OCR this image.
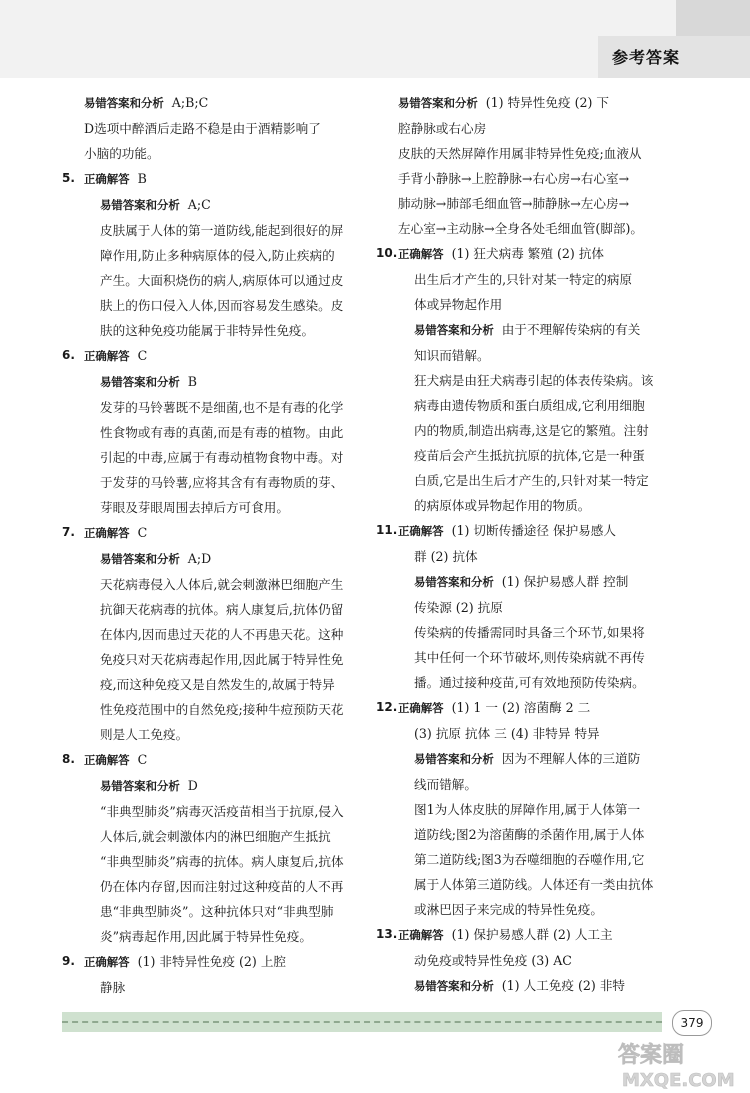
参考答案
易错答案和分析 A;B;C
D选项中醉酒后走路不稳是由于酒精影响了
小脑的功能。
5. 正确解答 B
易错答案和分析 A;C
皮肤属于人体的第一道防线,能起到很好的屏
障作用,防止多种病原体的侵入,防止疾病的
产生。大面积烧伤的病人,病原体可以通过皮
肤上的伤口侵入人体,因而容易发生感染。皮
肤的这种免疫功能属于非特异性免疫。
6. 正确解答 C
易错答案和分析 B
发芽的马铃薯既不是细菌,也不是有毒的化学
性食物或有毒的真菌,而是有毒的植物。由此
引起的中毒,应属于有毒动植物食物中毒。对
于发芽的马铃薯,应将其含有有毒物质的芽、
芽眼及芽眼周围去掉后方可食用。
7. 正确解答 C
易错答案和分析 A;D
天花病毒侵入人体后,就会刺激淋巴细胞产生
抗御天花病毒的抗体。病人康复后,抗体仍留
在体内,因而患过天花的人不再患天花。这种
免疫只对天花病毒起作用,因此属于特异性免
疫,而这种免疫又是自然发生的,故属于特异
性免疫范围中的自然免疫;接种牛痘预防天花
则是人工免疫。
8. 正确解答 C
易错答案和分析 D
“非典型肺炎”病毒灭活疫苗相当于抗原,侵入
人体后,就会刺激体内的淋巴细胞产生抵抗
“非典型肺炎”病毒的抗体。病人康复后,抗体
仍在体内存留,因而注射过这种疫苗的人不再
患“非典型肺炎”。这种抗体只对“非典型肺
炎”病毒起作用,因此属于特异性免疫。
9. 正确解答 (1) 非特异性免疫 (2) 上腔
静脉
易错答案和分析 (1) 特异性免疫 (2) 下
腔静脉或右心房
皮肤的天然屏障作用属非特异性免疫;血液从
手背小静脉→上腔静脉→右心房→右心室→
肺动脉→肺部毛细血管→肺静脉→左心房→
左心室→主动脉→全身各处毛细血管(脚部)。
10. 正确解答 (1) 狂犬病毒 繁殖 (2) 抗体
出生后才产生的,只针对某一特定的病原
体或异物起作用
易错答案和分析 由于不理解传染病的有关
知识而错解。
狂犬病是由狂犬病毒引起的体表传染病。该
病毒由遗传物质和蛋白质组成,它利用细胞
内的物质,制造出病毒,这是它的繁殖。注射
疫苗后会产生抵抗抗原的抗体,它是一种蛋
白质,它是出生后才产生的,只针对某一特定
的病原体或异物起作用的物质。
11. 正确解答 (1) 切断传播途径 保护易感人
群 (2) 抗体
易错答案和分析 (1) 保护易感人群 控制
传染源 (2) 抗原
传染病的传播需同时具备三个环节,如果将
其中任何一个环节破坏,则传染病就不再传
播。通过接种疫苗,可有效地预防传染病。
12. 正确解答 (1) 1 一 (2) 溶菌酶 2 二
(3) 抗原 抗体 三 (4) 非特异 特异
易错答案和分析 因为不理解人体的三道防
线而错解。
图1为人体皮肤的屏障作用,属于人体第一
道防线;图2为溶菌酶的杀菌作用,属于人体
第二道防线;图3为吞噬细胞的吞噬作用,它
属于人体第三道防线。人体还有一类由抗体
或淋巴因子来完成的特异性免疫。
13. 正确解答 (1) 保护易感人群 (2) 人工主
动免疫或特异性免疫 (3) AC
易错答案和分析 (1) 人工免疫 (2) 非特
379
答案圈
MXQE.COM
